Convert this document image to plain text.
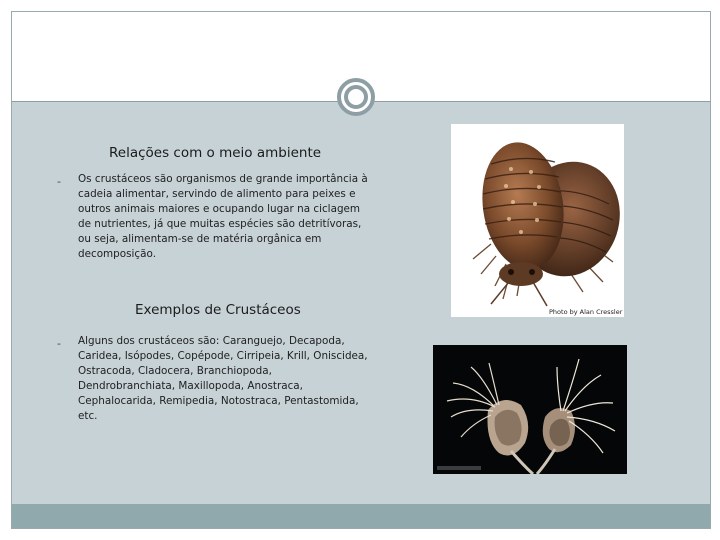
Relações com o meio ambiente
- Os crustáceos são organismos de grande importância à
cadeia alimentar, servindo de alimento para peixes e
outros animais maiores e ocupando lugar na ciclagem
de nutrientes, já que muitas espécies são detritívoras,
ou seja, alimentam-se de matéria orgânica em
decomposição.
Exemplos de Crustáceos
- Alguns dos crustáceos são: Caranguejo, Decapoda,
Caridea, Isópodes, Copépode, Cirripeia, Krill, Oniscidea,
Ostracoda, Cladocera, Branchiopoda,
Dendrobranchiata, Maxillopoda, Anostraca,
Cephalocarida, Remipedia, Notostraca, Pentastomida,
etc.
Photo by Alan Cressler
